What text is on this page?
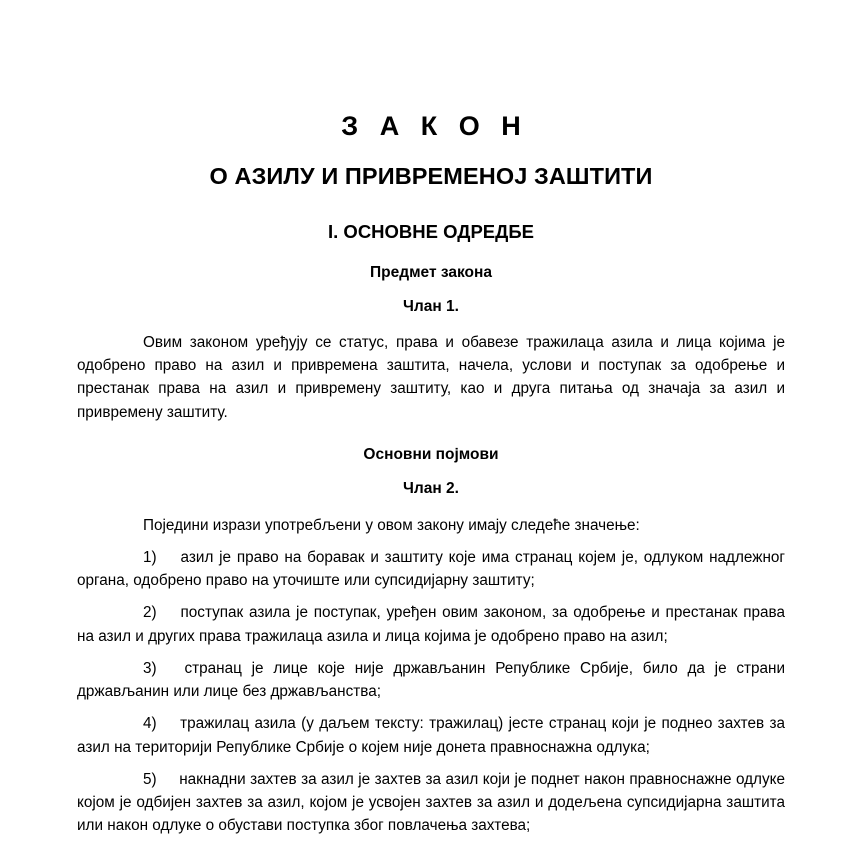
З А К О Н
О АЗИЛУ И ПРИВРЕМЕНОЈ ЗАШТИТИ
I. ОСНОВНЕ ОДРЕДБЕ
Предмет закона
Члан 1.

Овим законом уређују се статус, права и обавезе тражилаца азила и лица којима је одобрено право на азил и привремена заштита, начела, услови и поступак за одобрење и престанак права на азил и привремену заштиту, као и друга питања од значаја за азил и привремену заштиту.

Основни појмови
Члан 2.

Поједини изрази употребљени у овом закону имају следеће значење:

1)	азил је право на боравак и заштиту које има странац којем је, одлуком надлежног органа, одобрено право на уточиште или супсидијарну заштиту;

2)	поступак азила је поступак, уређен овим законом, за одобрење и престанак права на азил и других права тражилаца азила и лица којима је одобрено право на азил;

3)	странац је лице које није држављанин Републике Србије, било да је страни држављанин или лице без држављанства;

4)	тражилац азила (у даљем тексту: тражилац) јесте странац који је поднео захтев за азил на територији Републике Србије о којем није донета правноснажна одлука;

5)	накнадни захтев за азил је захтев за азил који је поднет након правноснажне одлуке којом је одбијен захтев за азил, којом је усвојен захтев за азил и додељена супсидијарна заштита или након одлуке о обустави поступка због повлачења захтева;
